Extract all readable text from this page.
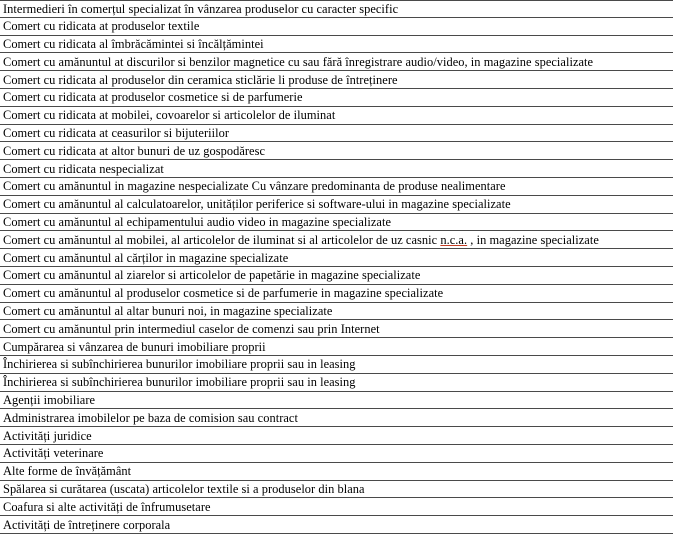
Intermedieri în comerțul specializat în vânzarea produselor cu caracter specific
Comert cu ridicata at produselor textile
Comert cu ridicata al îmbrăcămintei si încălțămintei
Comert cu amănuntul at discurilor si benzilor magnetice cu sau fără înregistrare audio/video, in magazine specializate
Comert cu ridicata al produselor din ceramica sticlărie li produse de întreținere
Comert cu ridicata at produselor cosmetice si de parfumerie
Comert cu ridicata at mobilei, covoarelor si articolelor de iluminat
Comert cu ridicata at ceasurilor si bijuteriilor
Comert cu ridicata at altor bunuri de uz gospodăresc
Comert cu ridicata nespecializat
Comert cu amănuntul in magazine nespecializate Cu vânzare predominanta de produse nealimentare
Comert cu amănuntul al calculatoarelor, unităților periferice si software-ului in magazine specializate
Comert cu amănuntul al echipamentului audio video in magazine specializate
Comert cu amănuntul al mobilei, al articolelor de iluminat si al articolelor de uz casnic n.c.a. , in magazine specializate
Comert cu amănuntul al cărților in magazine specializate
Comert cu amănuntul al ziarelor si articolelor de papetărie in magazine specializate
Comert cu amănuntul al produselor cosmetice si de parfumerie in magazine specializate
Comert cu amănuntul al altar bunuri noi, in magazine specializate
Comert cu amănuntul prin intermediul caselor de comenzi sau prin Internet
Cumpărarea si vânzarea de bunuri imobiliare proprii
Închirierea si subînchirierea bunurilor imobiliare proprii sau in leasing
Închirierea si subînchirierea bunurilor imobiliare proprii sau in leasing
Agenții imobiliare
Administrarea imobilelor pe baza de comision sau contract
Activități juridice
Activități veterinare
Alte forme de învățământ
Spălarea si curătarea (uscata) articolelor textile si a produselor din blana
Coafura si alte activități de înfrumusetare
Activități de întreținere corporala
